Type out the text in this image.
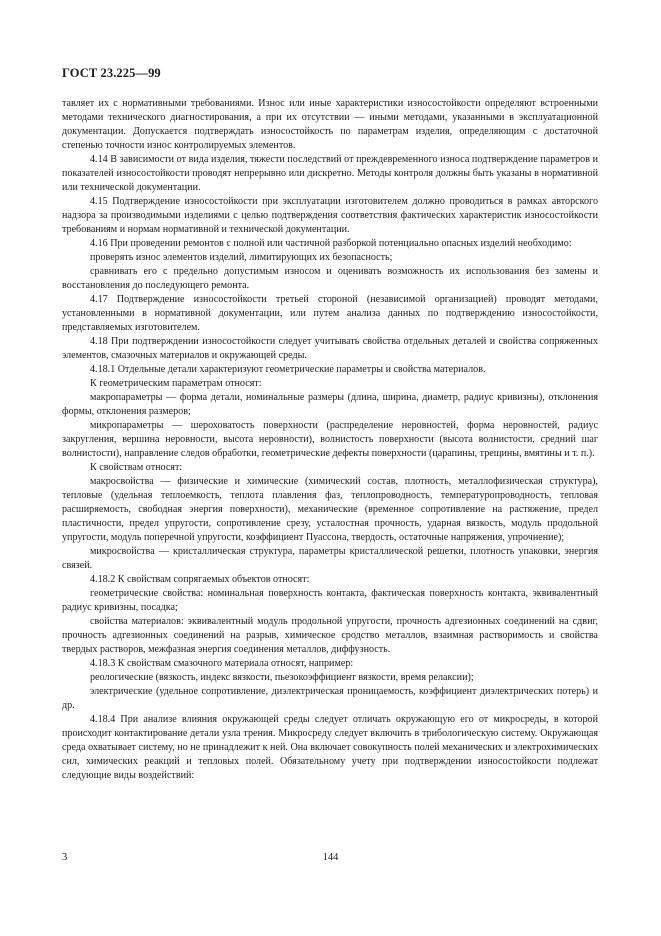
ГОСТ 23.225—99

тавляет их с нормативными требованиями. Износ или иные характеристики износостойкости определяют встроенными методами технического диагностирования, а при их отсутствии — иными методами, указанными в эксплуатационной документации. Допускается подтверждать износостойкость по параметрам изделия, определяющим с достаточной степенью точности износ контролируемых элементов.

4.14 В зависимости от вида изделия, тяжести последствий от преждевременного износа подтверждение параметров и показателей износостойкости проводят непрерывно или дискретно. Методы контроля должны быть указаны в нормативной или технической документации.

4.15 Подтверждение износостойкости при эксплуатации изготовителем должно проводиться в рамках авторского надзора за производимыми изделиями с целью подтверждения соответствия фактических характеристик износостойкости требованиям и нормам нормативной и технической документации.

4.16 При проведении ремонтов с полной или частичной разборкой потенциально опасных изделий необходимо:

проверять износ элементов изделий, лимитирующих их безопасность;

сравнивать его с предельно допустимым износом и оценивать возможность их использования без замены и восстановления до последующего ремонта.

4.17 Подтверждение износостойкости третьей стороной (независимой организацией) проводят методами, установленными в нормативной документации, или путем анализа данных по подтверждению износостойкости, представляемых изготовителем.

4.18 При подтверждении износостойкости следует учитывать свойства отдельных деталей и свойства сопряженных элементов, смазочных материалов и окружающей среды.

4.18.1 Отдельные детали характеризуют геометрические параметры и свойства материалов.

К геометрическим параметрам относят:

макропараметры — форма детали, номинальные размеры (длина, ширина, диаметр, радиус кривизны), отклонения формы, отклонения размеров;

микропараметры — шероховатость поверхности (распределение неровностей, форма неровностей, радиус закругления, вершина неровности, высота неровности), волнистость поверхности (высота волнистости, средний шаг волнистости), направление следов обработки, геометрические дефекты поверхности (царапины, трещины, вмятины и т. п.).

К свойствам относят:

макросвойства — физические и химические (химический состав, плотность, металлофизическая структура), тепловые (удельная теплоемкость, теплота плавления фаз, теплопроводность, температуропроводность, тепловая расширяемость, свободная энергия поверхности), механические (временное сопротивление на растяжение, предел пластичности, предел упругости, сопротивление срезу, усталостная прочность, ударная вязкость, модуль продольной упругости, модуль поперечной упругости, коэффициент Пуассона, твердость, остаточные напряжения, упрочнение);

микросвойства — кристаллическая структура, параметры кристаллической решетки, плотность упаковки, энергия связей.

4.18.2 К свойствам сопрягаемых объектов относят:

геометрические свойства: номинальная поверхность контакта, фактическая поверхность контакта, эквивалентный радиус кривизны, посадка;

свойства материалов: эквивалентный модуль продольной упругости, прочность адгезионных соединений на сдвиг, прочность адгезионных соединений на разрыв, химическое сродство металлов, взаимная растворимость и свойства твердых растворов, межфазная энергия соединения металлов, диффузность.

4.18.3 К свойствам смазочного материала относят, например:

реологические (вязкость, индекс вязкости, пьезокоэффициент вязкости, время релаксии);

электрические (удельное сопротивление, диэлектрическая проницаемость, коэффициент диэлектрических потерь) и др.

4.18.4 При анализе влияния окружающей среды следует отличать окружающую его от микросреды, в которой происходит контактирование детали узла трения. Микросреду следует включить в трибологическую систему. Окружающая среда охватывает систему, но не принадлежит к ней. Она включает совокупность полей механических и электрохимических сил, химических реакций и тепловых полей. Обязательному учету при подтверждении износостойкости подлежат следующие виды воздействий:

3	144
